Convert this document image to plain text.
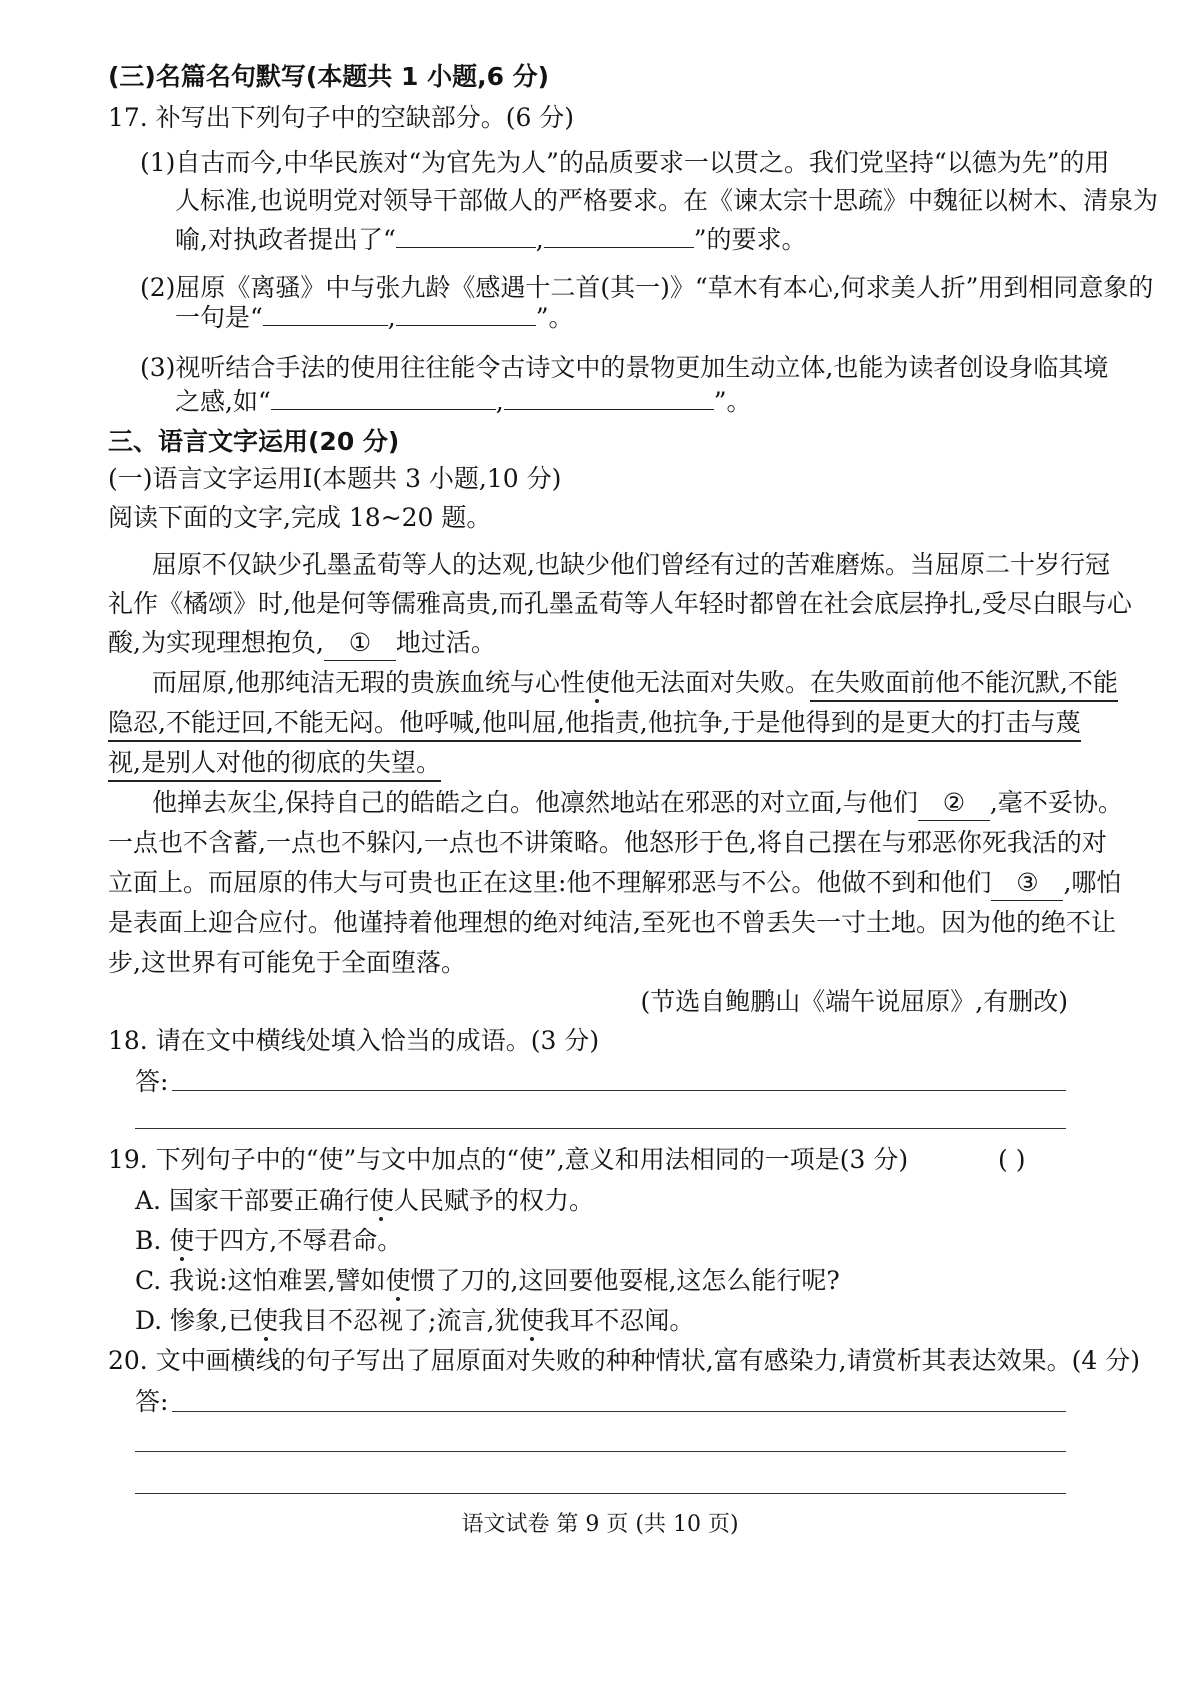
(三)名篇名句默写(本题共 1 小题,6 分)
17. 补写出下列句子中的空缺部分。(6 分)
(1)自古而今,中华民族对“为官先为人”的品质要求一以贯之。我们党坚持“以德为先”的用
人标准,也说明党对领导干部做人的严格要求。在《谏太宗十思疏》中魏征以树木、清泉为
喻,对执政者提出了“	,	”的要求。
(2)屈原《离骚》中与张九龄《感遇十二首(其一)》“草木有本心,何求美人折”用到相同意象的
一句是“	,	”。
(3)视听结合手法的使用往往能令古诗文中的景物更加生动立体,也能为读者创设身临其境
之感,如“	,	”。
三、语言文字运用(20 分)
(一)语言文字运用Ⅰ(本题共 3 小题,10 分)
阅读下面的文字,完成 18~20 题。
屈原不仅缺少孔墨孟荀等人的达观,也缺少他们曾经有过的苦难磨炼。当屈原二十岁行冠
礼作《橘颂》时,他是何等儒雅高贵,而孔墨孟荀等人年轻时都曾在社会底层挣扎,受尽白眼与心
酸,为实现理想抱负, ① 地过活。
而屈原,他那纯洁无瑕的贵族血统与心性使他无法面对失败。在失败面前他不能沉默,不能
隐忍,不能迂回,不能无闷。他呼喊,他叫屈,他指责,他抗争,于是他得到的是更大的打击与蔑
视,是别人对他的彻底的失望。
他掸去灰尘,保持自己的皓皓之白。他凛然地站在邪恶的对立面,与他们 ② ,毫不妥协。
一点也不含蓄,一点也不躲闪,一点也不讲策略。他怒形于色,将自己摆在与邪恶你死我活的对
立面上。而屈原的伟大与可贵也正在这里:他不理解邪恶与不公。他做不到和他们 ③ ,哪怕
是表面上迎合应付。他谨持着他理想的绝对纯洁,至死也不曾丢失一寸土地。因为他的绝不让
步,这世界有可能免于全面堕落。
(节选自鲍鹏山《端午说屈原》,有删改)
18. 请在文中横线处填入恰当的成语。(3 分)
答:
19. 下列句子中的“使”与文中加点的“使”,意义和用法相同的一项是(3 分)	( )
A. 国家干部要正确行使人民赋予的权力。
B. 使于四方,不辱君命。
C. 我说:这怕难罢,譬如使惯了刀的,这回要他耍棍,这怎么能行呢?
D. 惨象,已使我目不忍视了;流言,犹使我耳不忍闻。
20. 文中画横线的句子写出了屈原面对失败的种种情状,富有感染力,请赏析其表达效果。(4 分)
答:
语文试卷 第 9 页 (共 10 页)
